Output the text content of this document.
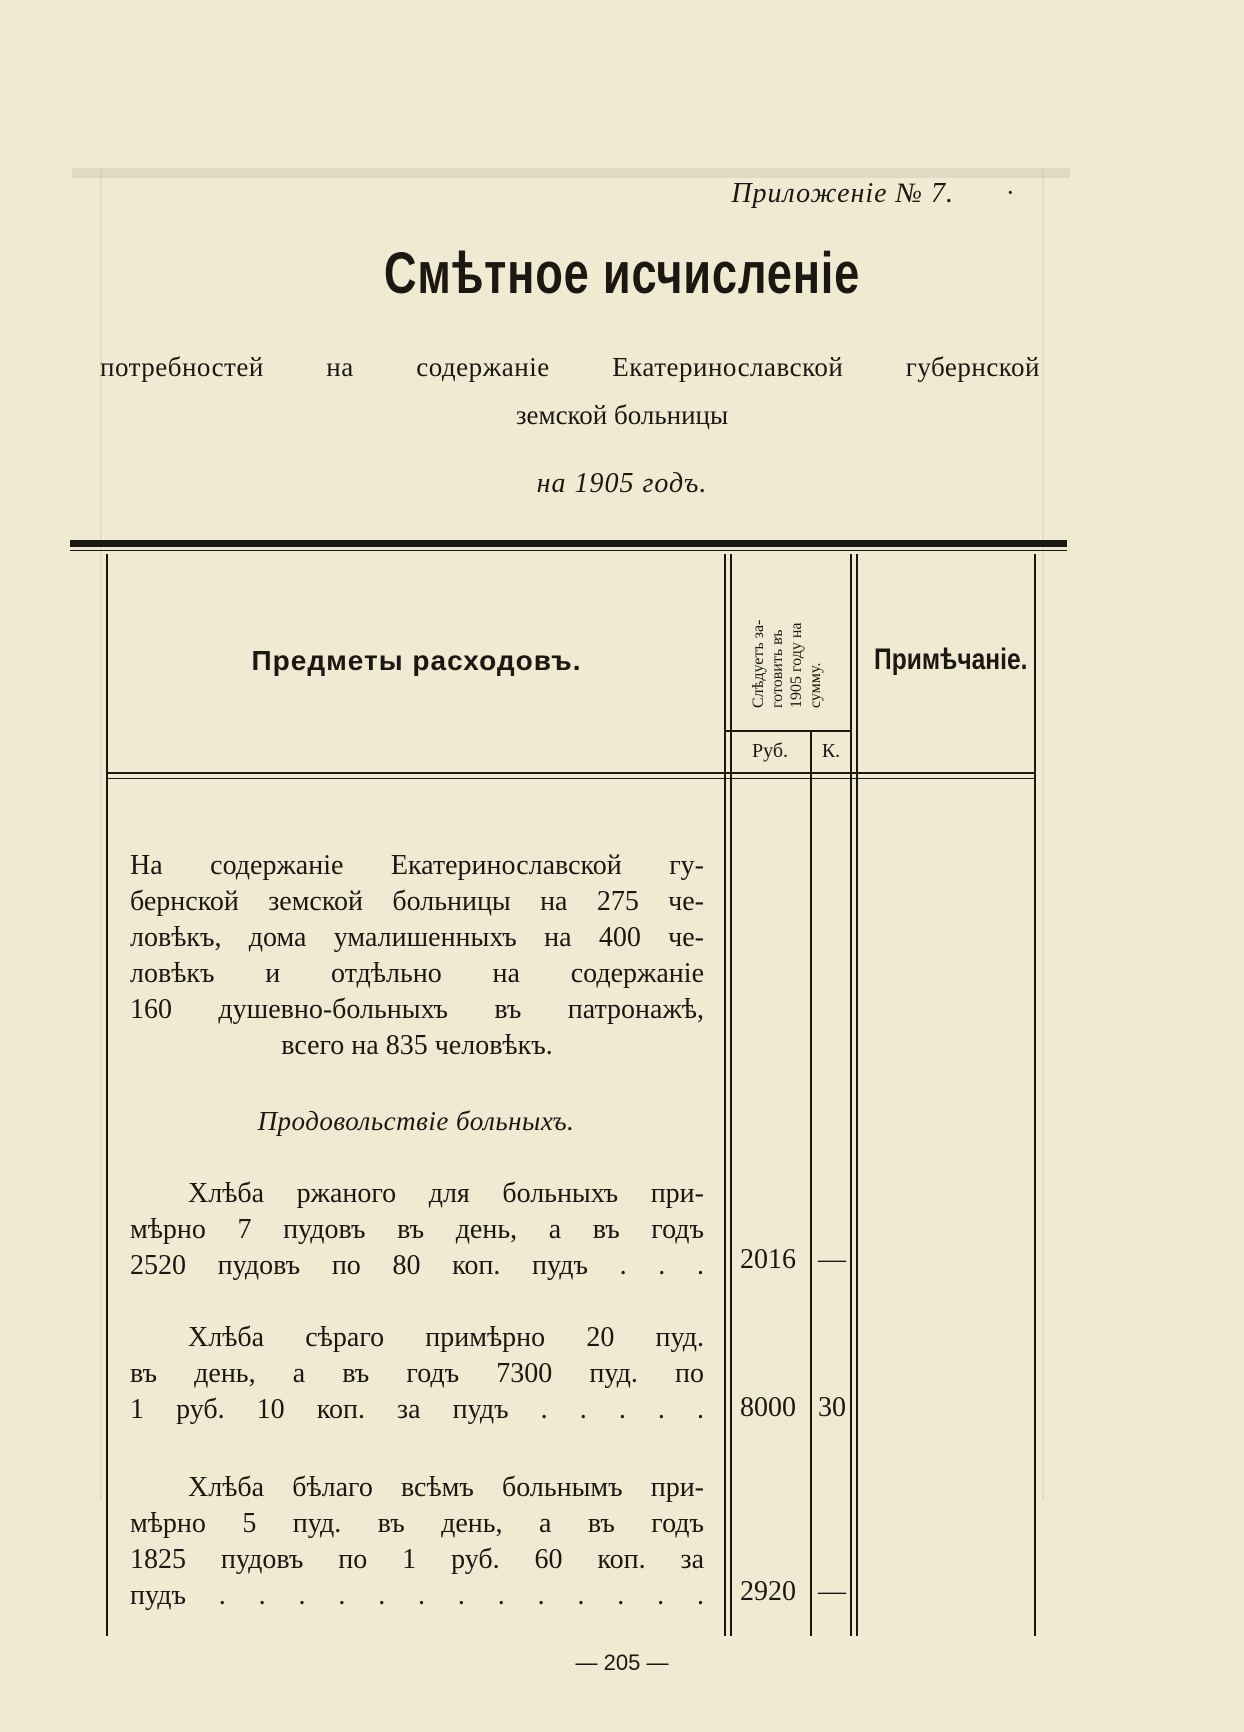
Приложеніе № 7. ·
Смѣтное исчисленіе
потребностей на содержаніе Екатеринославской губернской
земской больницы
на 1905 годъ.
Предметы расходовъ.	Слѣдуетъ за-
готовить въ
1905 году на
сумму.
Примѣчаніе.
Руб.	К.
На содержаніе Екатеринославской гу-
бернской земской больницы на 275 че-
ловѣкъ, дома умалишенныхъ на 400 че-
ловѣкъ и отдѣльно на содержаніе
160 душевно-больныхъ въ патронажѣ,
всего на 835 человѣкъ.
Продовольствіе больныхъ.
Хлѣба ржаного для больныхъ при-
мѣрно 7 пудовъ въ день, а въ годъ
2520 пудовъ по 80 коп. пудъ . . .	2016 —
Хлѣба сѣраго примѣрно 20 пуд.
въ день, а въ годъ 7300 пуд. по
1 руб. 10 коп. за пудъ . . . . .	8000 30
Хлѣба бѣлаго всѣмъ больнымъ при-
мѣрно 5 пуд. въ день, а въ годъ
1825 пудовъ по 1 руб. 60 коп. за
пудъ . . . . . . . . . . . . .	2920 —
— 205 —
